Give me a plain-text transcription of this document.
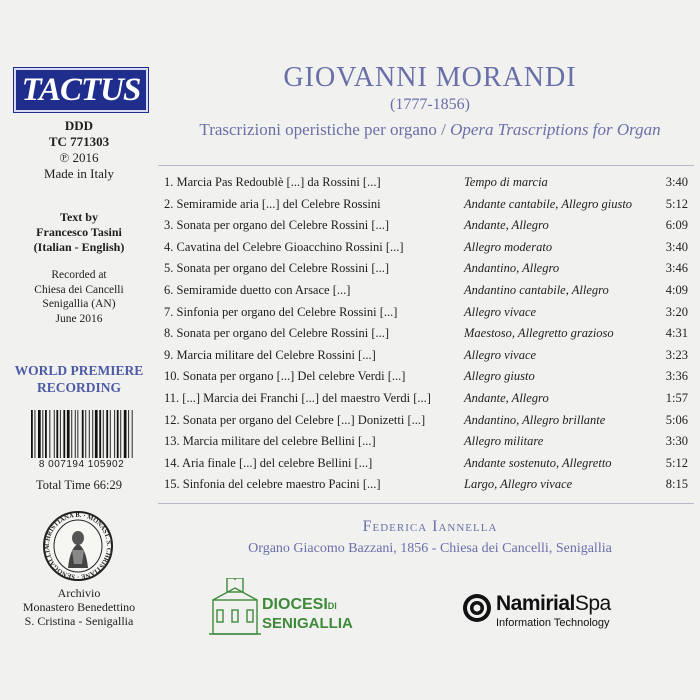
TACTUS
DDD
TC 771303
℗ 2016
Made in Italy
Text by
Francesco Tasini
(Italian - English)
Recorded at
Chiesa dei Cancelli
Senigallia (AN)
June 2016
WORLD PREMIERE
RECORDING
8 007194 105902
Total Time 66:29
CHRISTIANA B. · MONAST. S. CHRISTIANE · SENOGALLIA
Archivio
Monastero Benedettino
S. Cristina - Senigallia
GIOVANNI MORANDI
(1777-1856)
Trascrizioni operistiche per organo / Opera Trascriptions for Organ
1. Marcia Pas Redoublè [...] da Rossini [...]	Tempo di marcia	3:40
2. Semiramide aria [...] del Celebre Rossini	Andante cantabile, Allegro giusto	5:12
3. Sonata per organo del Celebre Rossini [...]	Andante, Allegro	6:09
4. Cavatina del Celebre Gioacchino Rossini [...]	Allegro moderato	3:40
5. Sonata per organo del Celebre Rossini [...]	Andantino, Allegro	3:46
6. Semiramide duetto con Arsace [...]	Andantino cantabile, Allegro	4:09
7. Sinfonia per organo del Celebre Rossini [...]	Allegro vivace	3:20
8. Sonata per organo del Celebre Rossini [...]	Maestoso, Allegretto grazioso	4:31
9. Marcia militare del Celebre Rossini [...]	Allegro vivace	3:23
10. Sonata per organo [...] Del celebre Verdi [...]	Allegro giusto	3:36
11. [...] Marcia dei Franchi [...] del maestro Verdi [...]	Andante, Allegro	1:57
12. Sonata per organo del Celebre [...] Donizetti [...]	Andantino, Allegro brillante	5:06
13. Marcia militare del celebre Bellini [...]	Allegro militare	3:30
14. Aria finale [...] del celebre Bellini [...]	Andante sostenuto, Allegretto	5:12
15. Sinfonia del celebre maestro Pacini [...]	Largo, Allegro vivace	8:15
Federica Iannella
Organo Giacomo Bazzani, 1856 - Chiesa dei Cancelli, Senigallia
DIOCESIDI
SENIGALLIA
NamirialSpa
Information Technology
